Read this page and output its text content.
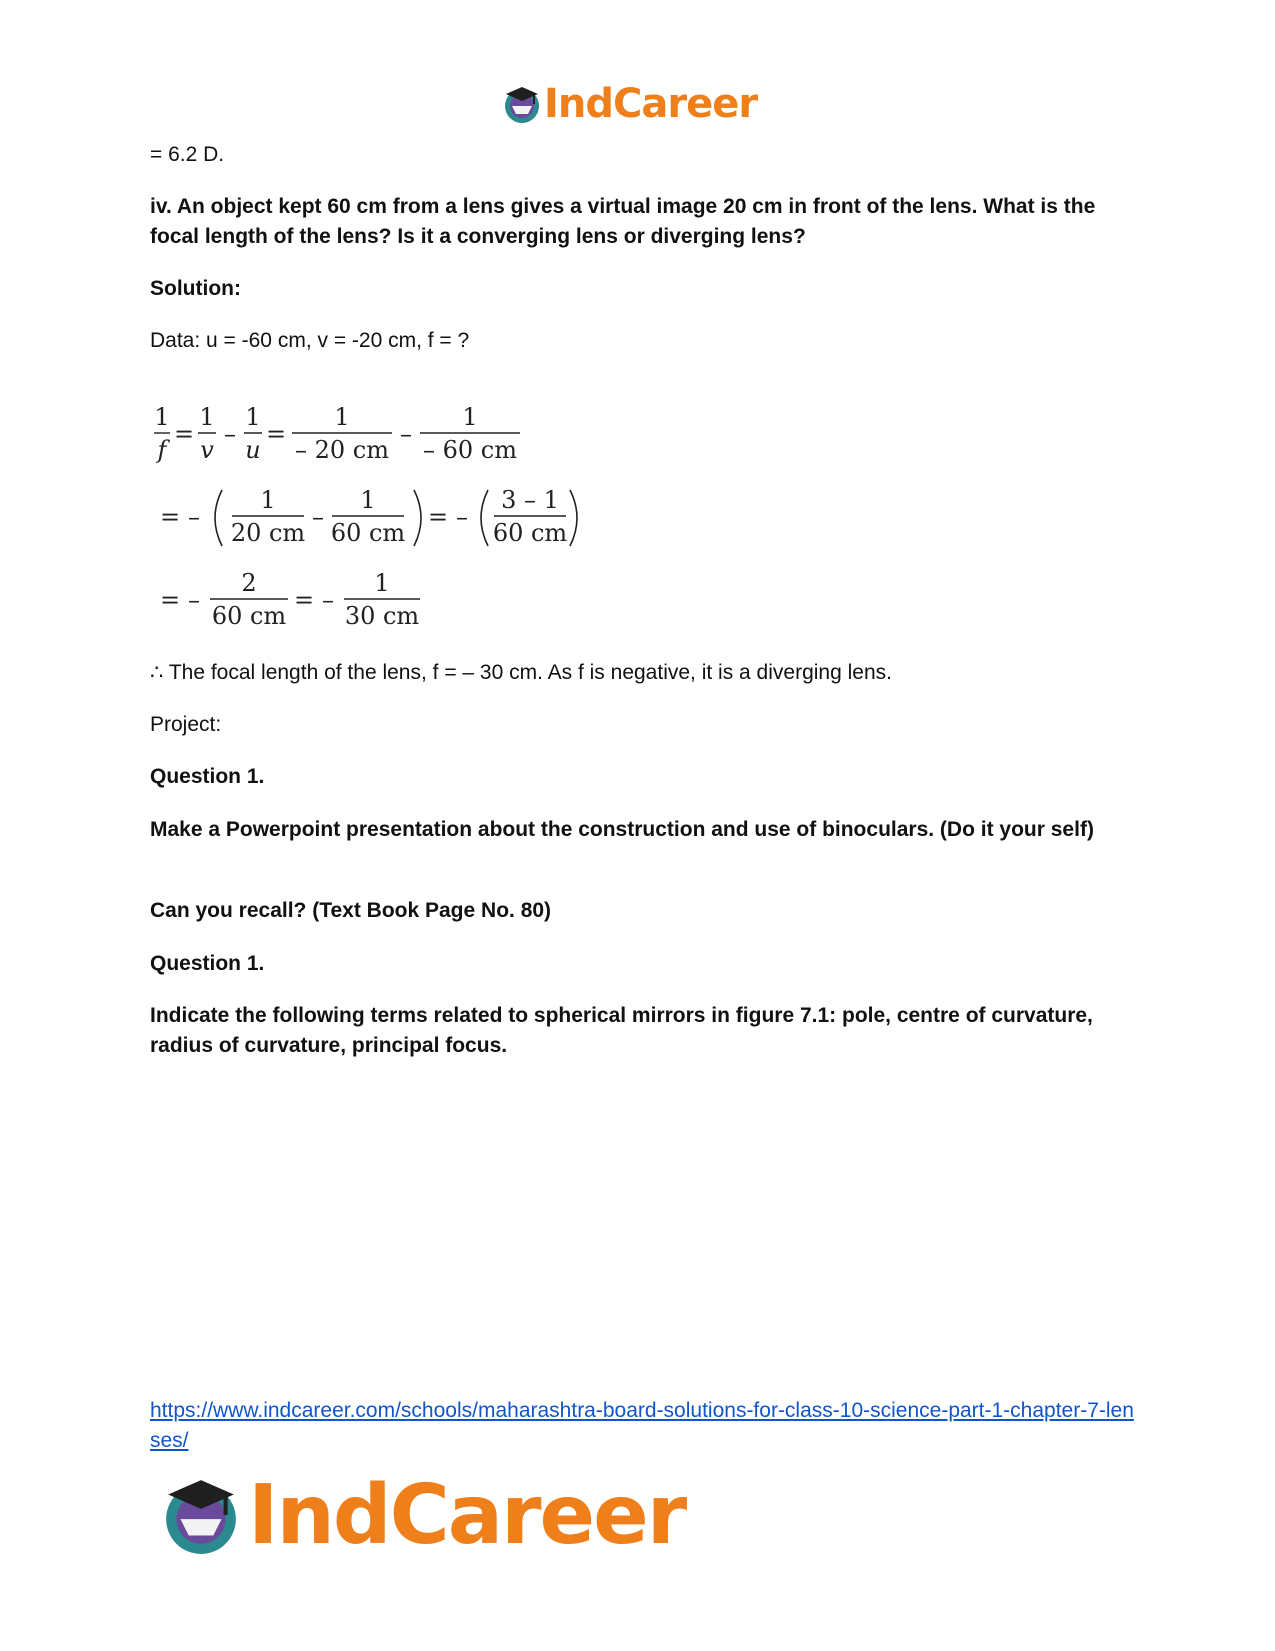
IndCareer

= 6.2 D.

iv. An object kept 60 cm from a lens gives a virtual image 20 cm in front of the lens. What is the focal length of the lens? Is it a converging lens or diverging lens?

Solution:

Data: u = -60 cm, v = -20 cm, f = ?

∴ The focal length of the lens, f = – 30 cm. As f is negative, it is a diverging lens.

Project:

Question 1.

Make a Powerpoint presentation about the construction and use of binoculars. (Do it your self)

Can you recall? (Text Book Page No. 80)

Question 1.

Indicate the following terms related to spherical mirrors in figure 7.1: pole, centre of curvature, radius of curvature, principal focus.

1
f
=
1
v
–
1
u
=
1
– 20 cm
–
1
– 60 cm
= –
1
20 cm
–
1
60 cm
= –
3 – 1
60 cm
= –
2
60 cm
= –
1
30 cm
https://www.indcareer.com/schools/maharashtra-board-solutions-for-class-10-science-part-1-chapter-7-lenses/
IndCareer
